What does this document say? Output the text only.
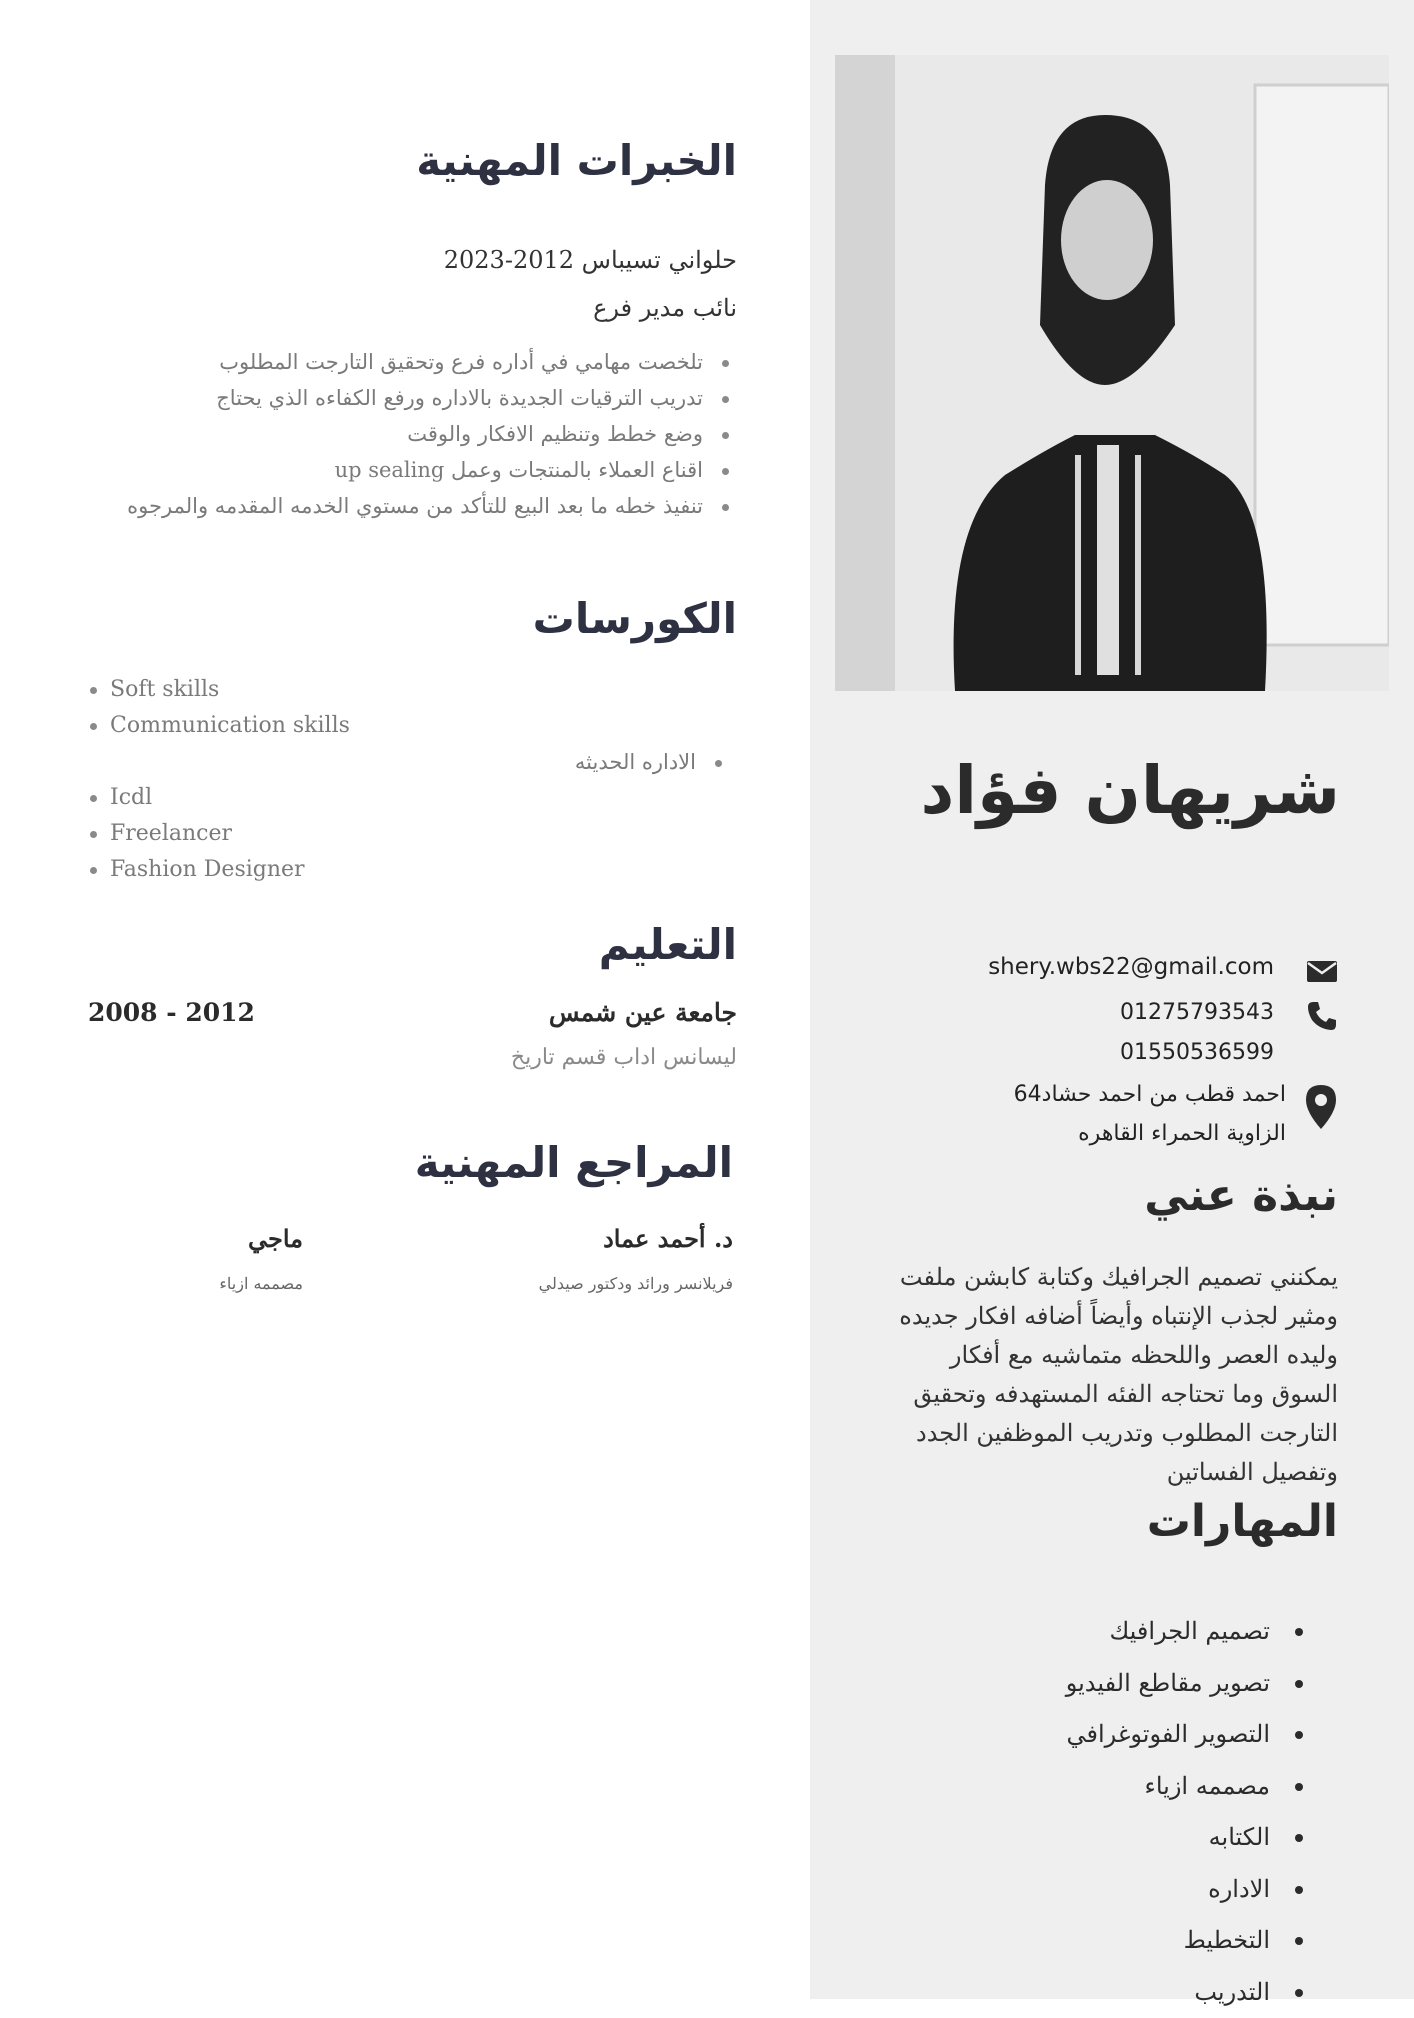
شريهان فؤاد
shery.wbs22@gmail.com
01275793543
01550536599
احمد قطب من احمد حشاد64
الزاوية الحمراء القاهره
نبذة عني
يمكنني تصميم الجرافيك وكتابة كابشن ملفت ومثير لجذب الإنتباه وأيضاً أضافه افكار جديده وليده العصر واللحظه متماشيه مع أفكار السوق وما تحتاجه الفئه المستهدفه وتحقيق التارجت المطلوب وتدريب الموظفين الجدد وتفصيل الفساتين
المهارات
تصميم الجرافيك
تصوير مقاطع الفيديو
التصوير الفوتوغرافي
مصممه ازياء
الكتابه
الاداره
التخطيط
التدريب
الخبرات المهنية
حلواني تسيباس 2012-2023
نائب مدير فرع
تلخصت مهامي في أداره فرع وتحقيق التارجت المطلوب
تدريب الترقيات الجديدة بالاداره ورفع الكفاءه الذي يحتاج
وضع خطط وتنظيم الافكار والوقت
اقناع العملاء بالمنتجات وعمل up sealing
تنفيذ خطه ما بعد البيع للتأكد من مستوي الخدمه المقدمه والمرجوه
الكورسات
Soft skills
Communication skills
الاداره الحديثه
Icdl
Freelancer
Fashion Designer
التعليم
جامعة عين شمس
2008 - 2012
ليسانس اداب قسم تاريخ
المراجع المهنية
د. أحمد عماد
فريلانسر ورائد ودكتور صيدلي
ماجي
مصممه ازياء
